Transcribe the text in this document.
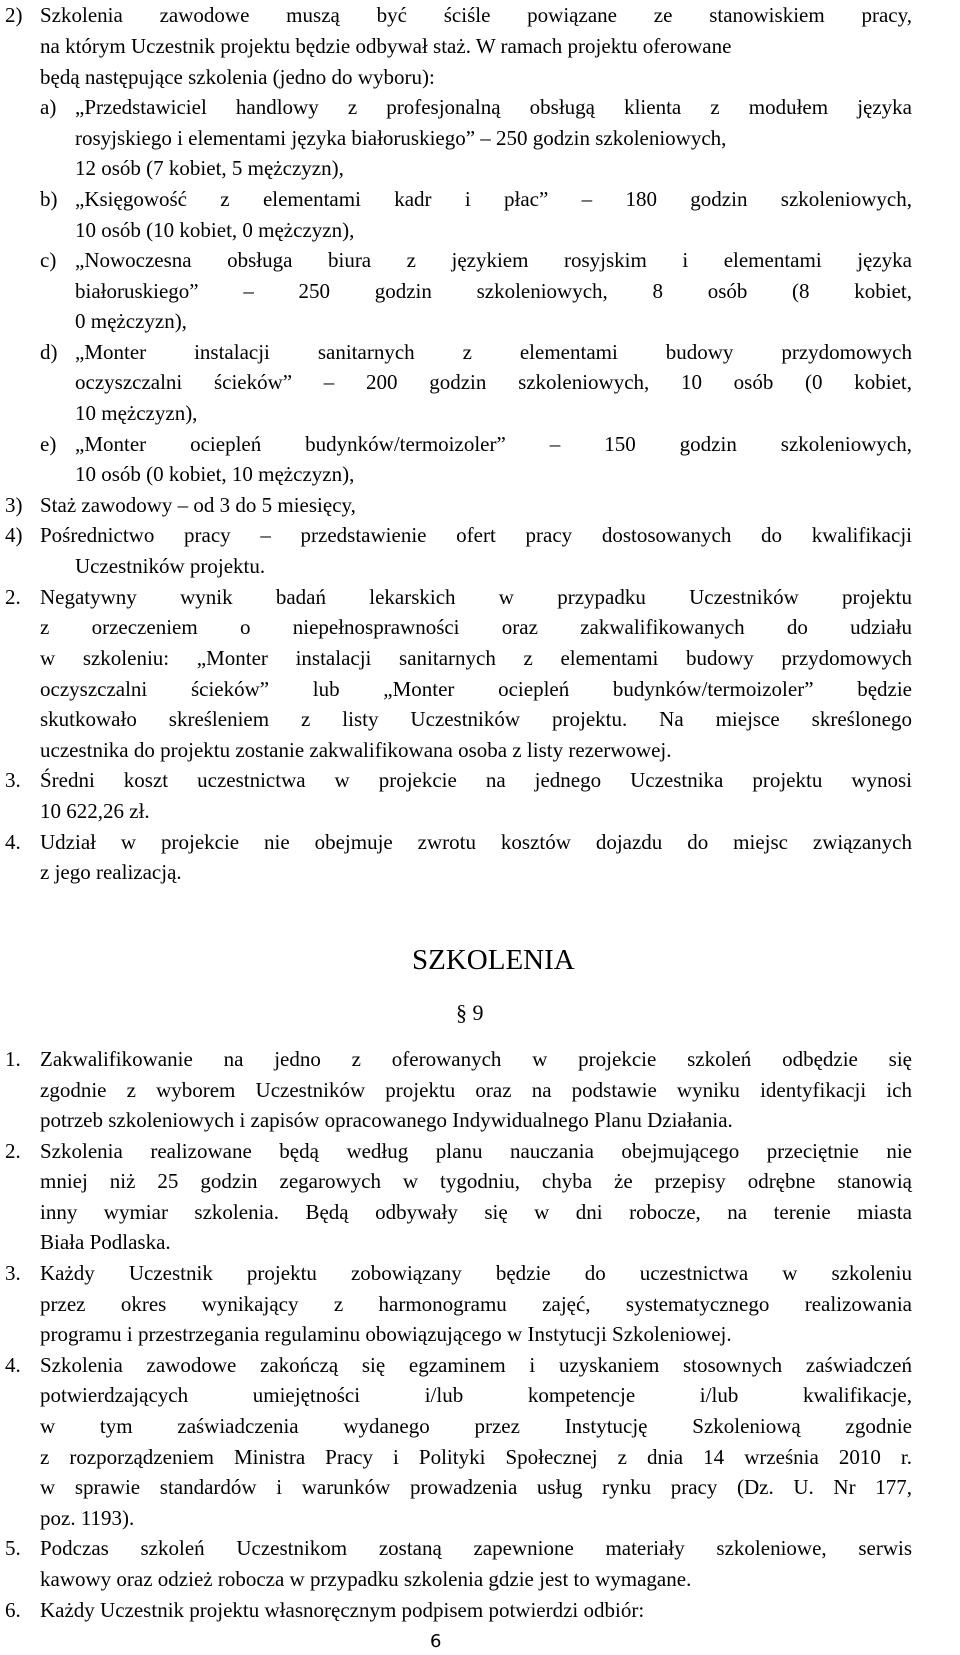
2) Szkolenia zawodowe muszą być ściśle powiązane ze stanowiskiem pracy,
na którym Uczestnik projektu będzie odbywał staż. W ramach projektu oferowane
będą następujące szkolenia (jedno do wyboru):
a) „Przedstawiciel handlowy z profesjonalną obsługą klienta z modułem języka
rosyjskiego i elementami języka białoruskiego” – 250 godzin szkoleniowych,
12 osób (7 kobiet, 5 mężczyzn),
b) „Księgowość z elementami kadr i płac” – 180 godzin szkoleniowych,
10 osób (10 kobiet, 0 mężczyzn),
c) „Nowoczesna obsługa biura z językiem rosyjskim i elementami języka
białoruskiego” – 250 godzin szkoleniowych, 8 osób (8 kobiet,
0 mężczyzn),
d) „Monter instalacji sanitarnych z elementami budowy przydomowych
oczyszczalni ścieków” – 200 godzin szkoleniowych, 10 osób (0 kobiet,
10 mężczyzn),
e) „Monter ociepleń budynków/termoizoler” – 150 godzin szkoleniowych,
10 osób (0 kobiet, 10 mężczyzn),
3) Staż zawodowy – od 3 do 5 miesięcy,
4) Pośrednictwo pracy – przedstawienie ofert pracy dostosowanych do kwalifikacji
Uczestników projektu.
2. Negatywny wynik badań lekarskich w przypadku Uczestników projektu
z orzeczeniem o niepełnosprawności oraz zakwalifikowanych do udziału
w szkoleniu: „Monter instalacji sanitarnych z elementami budowy przydomowych
oczyszczalni ścieków” lub „Monter ociepleń budynków/termoizoler” będzie
skutkowało skreśleniem z listy Uczestników projektu. Na miejsce skreślonego
uczestnika do projektu zostanie zakwalifikowana osoba z listy rezerwowej.
3. Średni koszt uczestnictwa w projekcie na jednego Uczestnika projektu wynosi
10 622,26 zł.
4. Udział w projekcie nie obejmuje zwrotu kosztów dojazdu do miejsc związanych
z jego realizacją.
SZKOLENIA
§ 9
1. Zakwalifikowanie na jedno z oferowanych w projekcie szkoleń odbędzie się
zgodnie z wyborem Uczestników projektu oraz na podstawie wyniku identyfikacji ich
potrzeb szkoleniowych i zapisów opracowanego Indywidualnego Planu Działania.
2. Szkolenia realizowane będą według planu nauczania obejmującego przeciętnie nie
mniej niż 25 godzin zegarowych w tygodniu, chyba że przepisy odrębne stanowią
inny wymiar szkolenia. Będą odbywały się w dni robocze, na terenie miasta
Biała Podlaska.
3. Każdy Uczestnik projektu zobowiązany będzie do uczestnictwa w szkoleniu
przez okres wynikający z harmonogramu zajęć, systematycznego realizowania
programu i przestrzegania regulaminu obowiązującego w Instytucji Szkoleniowej.
4. Szkolenia zawodowe zakończą się egzaminem i uzyskaniem stosownych zaświadczeń
potwierdzających umiejętności i/lub kompetencje i/lub kwalifikacje,
w tym zaświadczenia wydanego przez Instytucję Szkoleniową zgodnie
z rozporządzeniem Ministra Pracy i Polityki Społecznej z dnia 14 września 2010 r.
w sprawie standardów i warunków prowadzenia usług rynku pracy (Dz. U. Nr 177,
poz. 1193).
5. Podczas szkoleń Uczestnikom zostaną zapewnione materiały szkoleniowe, serwis
kawowy oraz odzież robocza w przypadku szkolenia gdzie jest to wymagane.
6. Każdy Uczestnik projektu własnoręcznym podpisem potwierdzi odbiór:
6
